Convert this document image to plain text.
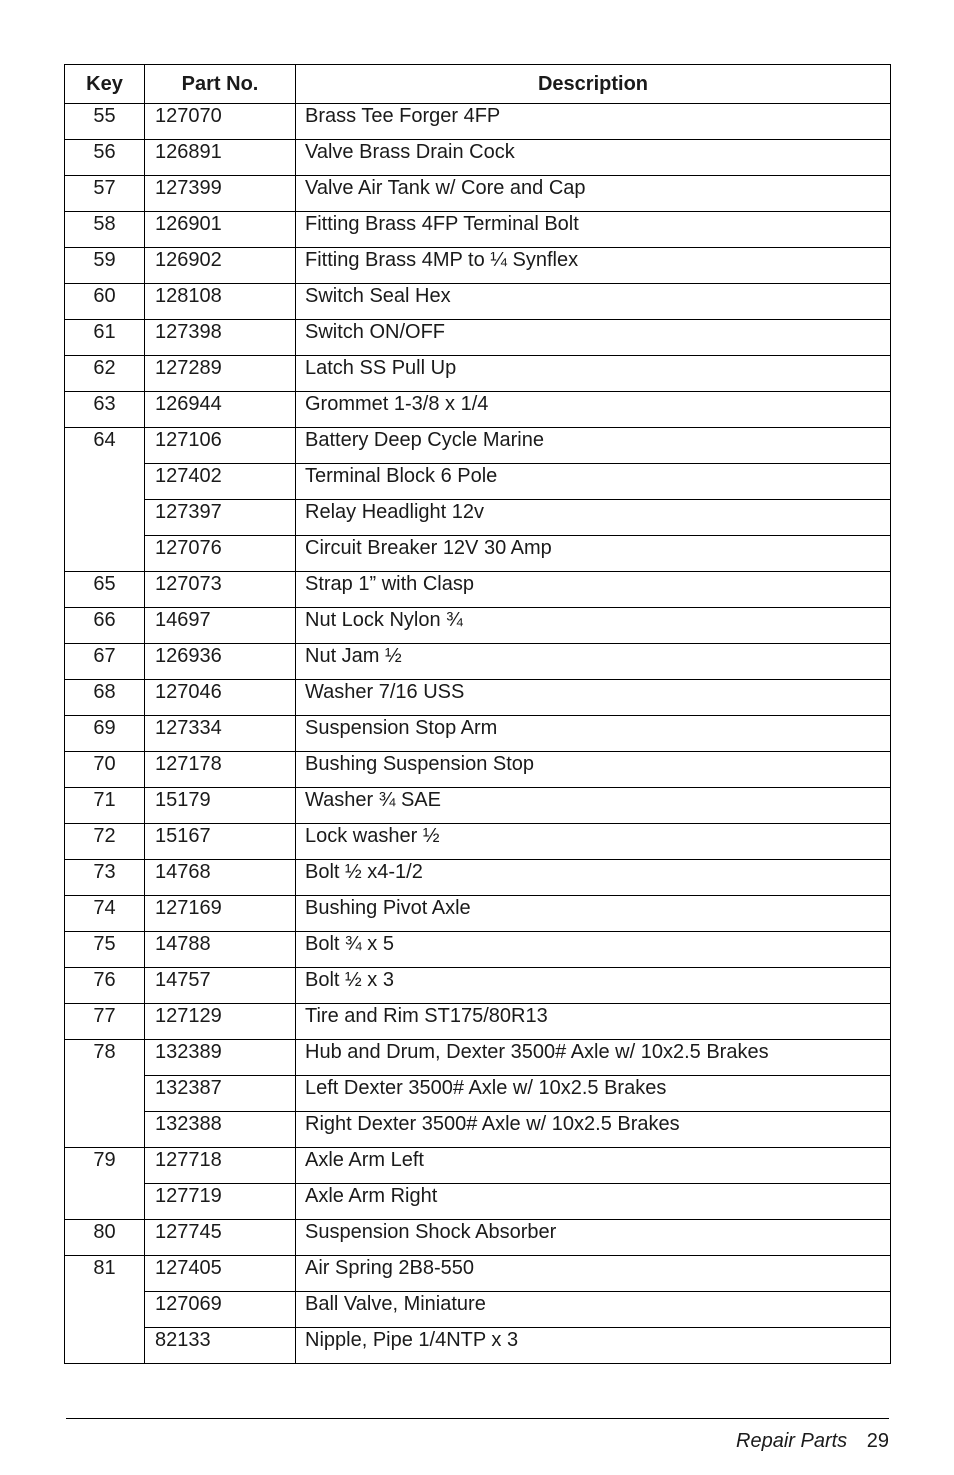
Key	Part No.	Description
55	127070	Brass Tee Forger 4FP
56	126891	Valve Brass Drain Cock
57	127399	Valve Air Tank w/ Core and Cap
58	126901	Fitting Brass 4FP Terminal Bolt
59	126902	Fitting Brass 4MP to ¼ Synflex
60	128108	Switch Seal Hex
61	127398	Switch ON/OFF
62	127289	Latch SS Pull Up
63	126944	Grommet 1-3/8 x 1/4
64	127106	Battery Deep Cycle Marine
	127402	Terminal Block 6 Pole
	127397	Relay Headlight 12v
	127076	Circuit Breaker 12V 30 Amp
65	127073	Strap 1” with Clasp
66	14697	Nut Lock Nylon ¾
67	126936	Nut Jam ½
68	127046	Washer 7/16 USS
69	127334	Suspension Stop Arm
70	127178	Bushing Suspension Stop
71	15179	Washer ¾ SAE
72	15167	Lock washer ½
73	14768	Bolt ½ x4-1/2
74	127169	Bushing Pivot Axle
75	14788	Bolt ¾ x 5
76	14757	Bolt ½ x 3
77	127129	Tire and Rim ST175/80R13
78	132389	Hub and Drum, Dexter 3500# Axle w/ 10x2.5 Brakes
	132387	Left Dexter 3500# Axle w/ 10x2.5 Brakes
	132388	Right Dexter 3500# Axle w/ 10x2.5 Brakes
79	127718	Axle Arm Left
	127719	Axle Arm Right
80	127745	Suspension Shock Absorber
81	127405	Air Spring 2B8-550
	127069	Ball Valve, Miniature
	82133	Nipple, Pipe 1/4NTP x 3
Repair Parts 29
